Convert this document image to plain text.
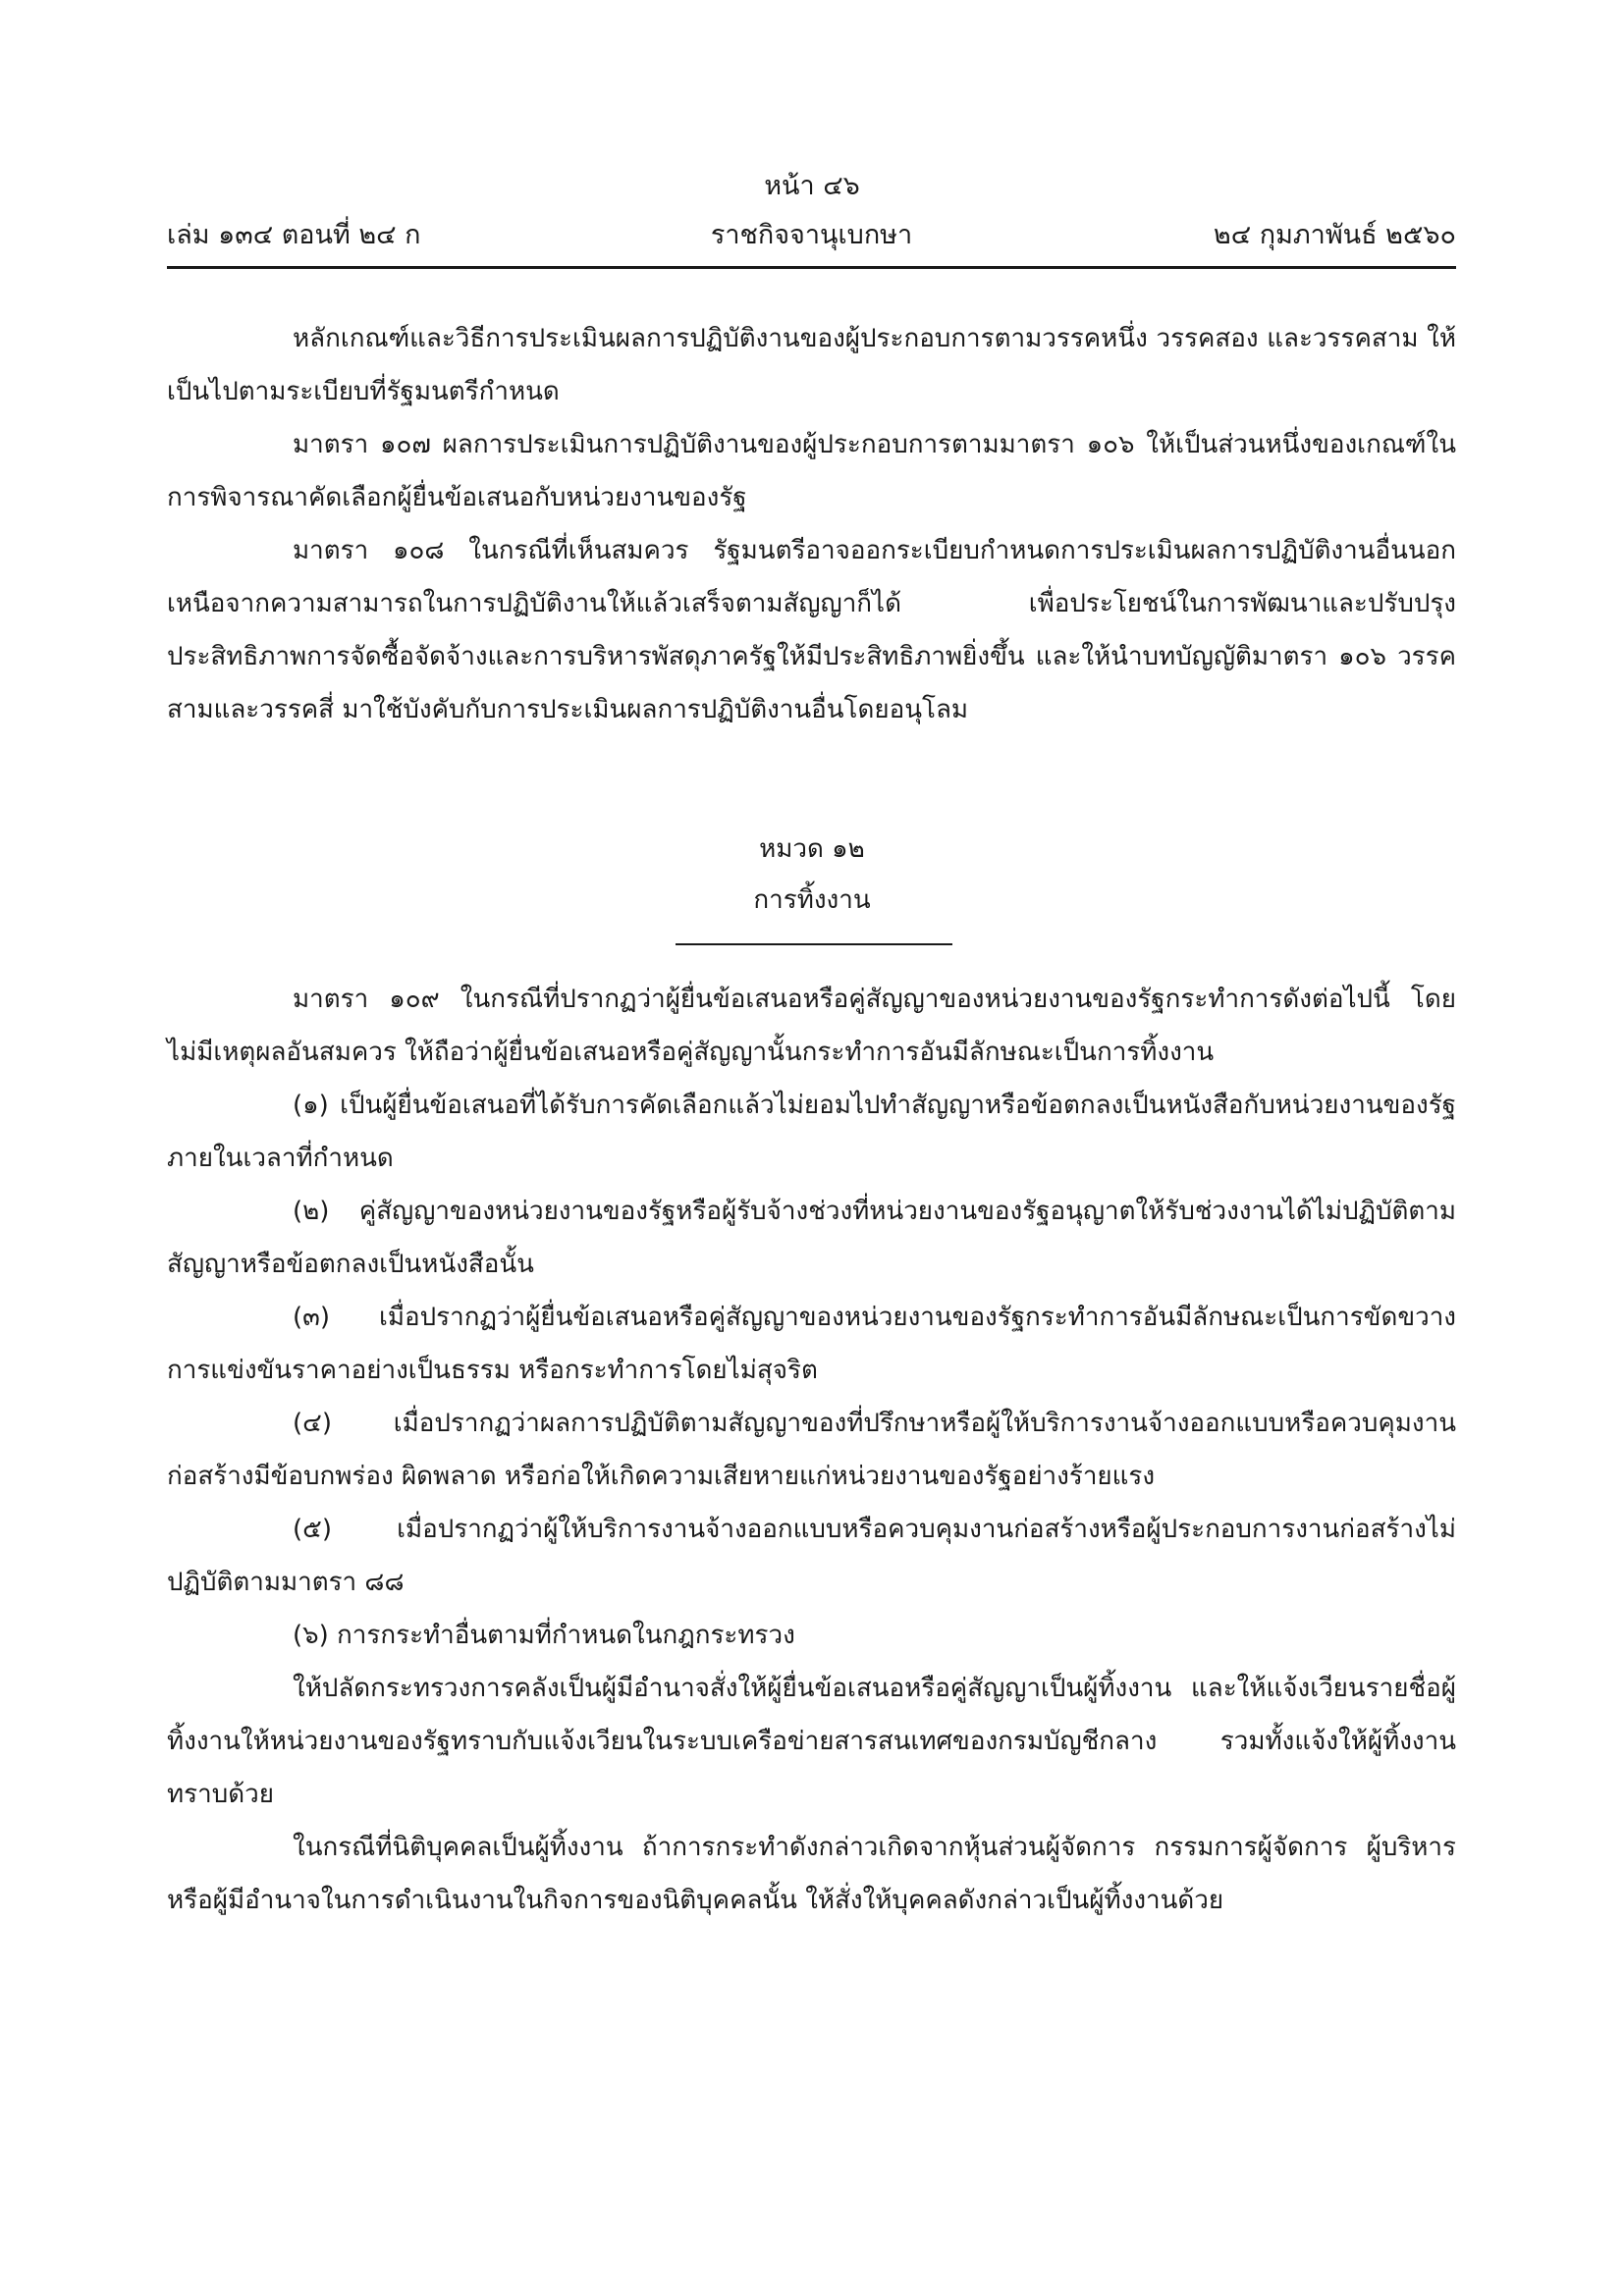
หน้า ๔๖
เล่ม ๑๓๔ ตอนที่ ๒๔ ก	ราชกิจจานุเบกษา	๒๔ กุมภาพันธ์ ๒๕๖๐

หลักเกณฑ์และวิธีการประเมินผลการปฏิบัติงานของผู้ประกอบการตามวรรคหนึ่ง วรรคสอง และวรรคสาม ให้เป็นไปตามระเบียบที่รัฐมนตรีกำหนด

มาตรา ๑๐๗ ผลการประเมินการปฏิบัติงานของผู้ประกอบการตามมาตรา ๑๐๖ ให้เป็นส่วนหนึ่งของเกณฑ์ในการพิจารณาคัดเลือกผู้ยื่นข้อเสนอกับหน่วยงานของรัฐ

มาตรา ๑๐๘ ในกรณีที่เห็นสมควร รัฐมนตรีอาจออกระเบียบกำหนดการประเมินผลการปฏิบัติงานอื่นนอกเหนือจากความสามารถในการปฏิบัติงานให้แล้วเสร็จตามสัญญาก็ได้ เพื่อประโยชน์ในการพัฒนาและปรับปรุงประสิทธิภาพการจัดซื้อจัดจ้างและการบริหารพัสดุภาครัฐให้มีประสิทธิภาพยิ่งขึ้น และให้นำบทบัญญัติมาตรา ๑๐๖ วรรคสามและวรรคสี่ มาใช้บังคับกับการประเมินผลการปฏิบัติงานอื่นโดยอนุโลม

หมวด ๑๒
การทิ้งงาน

มาตรา ๑๐๙ ในกรณีที่ปรากฏว่าผู้ยื่นข้อเสนอหรือคู่สัญญาของหน่วยงานของรัฐกระทำการดังต่อไปนี้ โดยไม่มีเหตุผลอันสมควร ให้ถือว่าผู้ยื่นข้อเสนอหรือคู่สัญญานั้นกระทำการอันมีลักษณะเป็นการทิ้งงาน

(๑) เป็นผู้ยื่นข้อเสนอที่ได้รับการคัดเลือกแล้วไม่ยอมไปทำสัญญาหรือข้อตกลงเป็นหนังสือกับหน่วยงานของรัฐภายในเวลาที่กำหนด

(๒) คู่สัญญาของหน่วยงานของรัฐหรือผู้รับจ้างช่วงที่หน่วยงานของรัฐอนุญาตให้รับช่วงงานได้ไม่ปฏิบัติตามสัญญาหรือข้อตกลงเป็นหนังสือนั้น

(๓) เมื่อปรากฏว่าผู้ยื่นข้อเสนอหรือคู่สัญญาของหน่วยงานของรัฐกระทำการอันมีลักษณะเป็นการขัดขวางการแข่งขันราคาอย่างเป็นธรรม หรือกระทำการโดยไม่สุจริต

(๔) เมื่อปรากฏว่าผลการปฏิบัติตามสัญญาของที่ปรึกษาหรือผู้ให้บริการงานจ้างออกแบบหรือควบคุมงานก่อสร้างมีข้อบกพร่อง ผิดพลาด หรือก่อให้เกิดความเสียหายแก่หน่วยงานของรัฐอย่างร้ายแรง

(๕) เมื่อปรากฏว่าผู้ให้บริการงานจ้างออกแบบหรือควบคุมงานก่อสร้างหรือผู้ประกอบการงานก่อสร้างไม่ปฏิบัติตามมาตรา ๘๘

(๖) การกระทำอื่นตามที่กำหนดในกฎกระทรวง

ให้ปลัดกระทรวงการคลังเป็นผู้มีอำนาจสั่งให้ผู้ยื่นข้อเสนอหรือคู่สัญญาเป็นผู้ทิ้งงาน และให้แจ้งเวียนรายชื่อผู้ทิ้งงานให้หน่วยงานของรัฐทราบกับแจ้งเวียนในระบบเครือข่ายสารสนเทศของกรมบัญชีกลาง รวมทั้งแจ้งให้ผู้ทิ้งงานทราบด้วย

ในกรณีที่นิติบุคคลเป็นผู้ทิ้งงาน ถ้าการกระทำดังกล่าวเกิดจากหุ้นส่วนผู้จัดการ กรรมการผู้จัดการ ผู้บริหาร หรือผู้มีอำนาจในการดำเนินงานในกิจการของนิติบุคคลนั้น ให้สั่งให้บุคคลดังกล่าวเป็นผู้ทิ้งงานด้วย
